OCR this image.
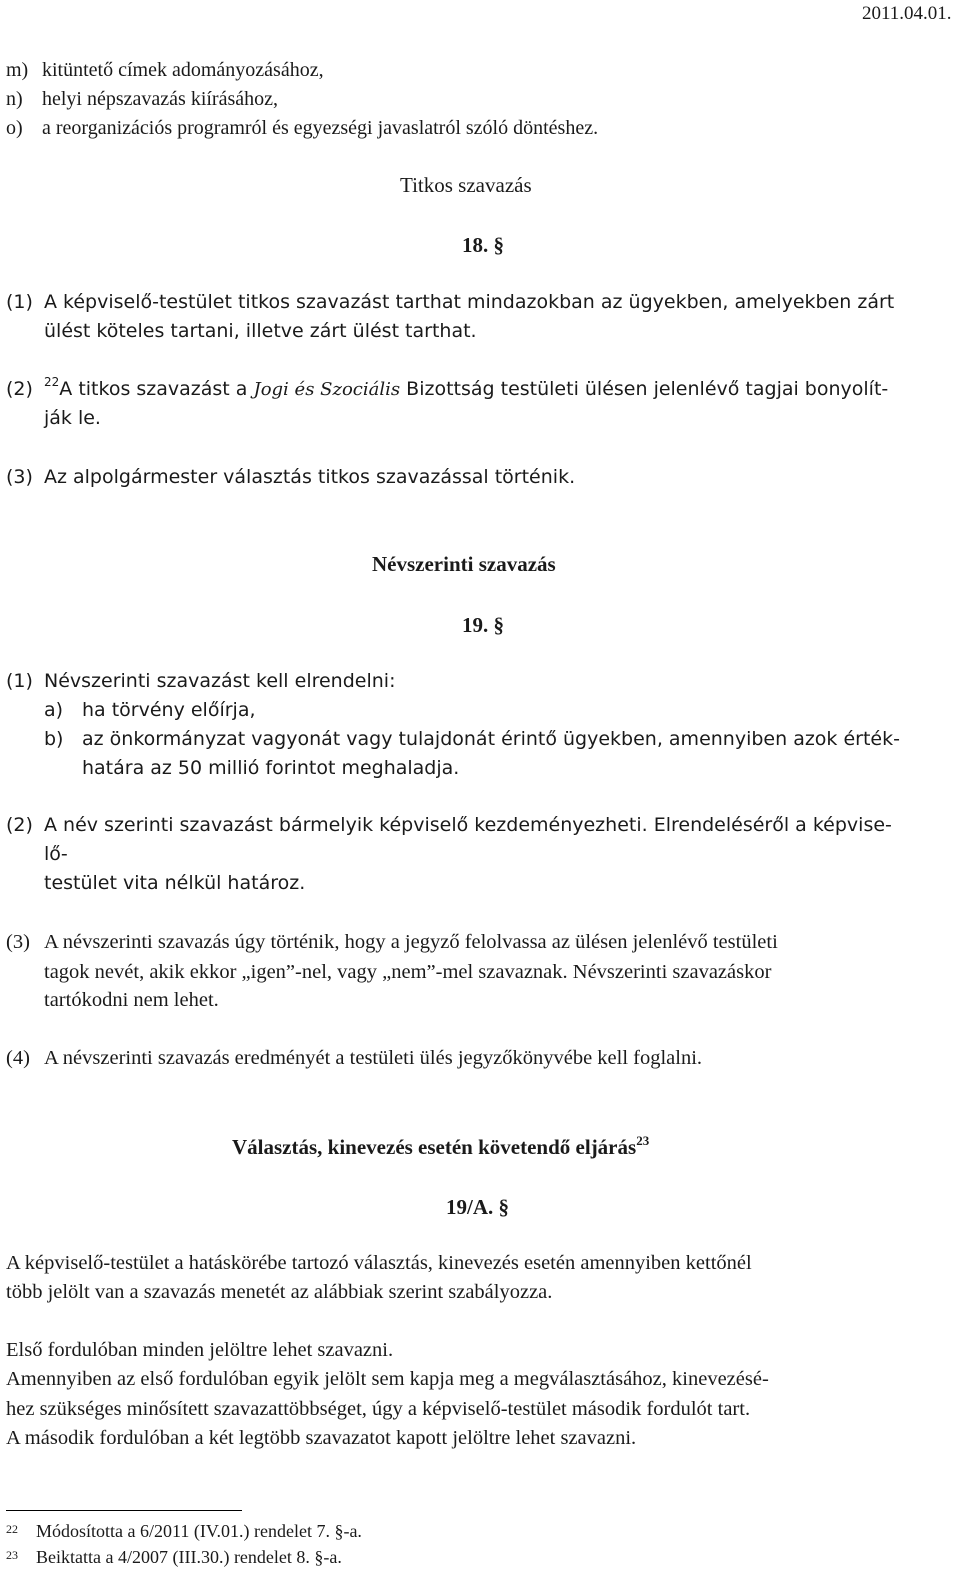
2011.04.01.
m) kitüntető címek adományozásához,
n) helyi népszavazás kiírásához,
o) a reorganizációs programról és egyezségi javaslatról szóló döntéshez.
Titkos szavazás
18. §
(1) A képviselő-testület titkos szavazást tarthat mindazokban az ügyekben, amelyekben zárt
ülést köteles tartani, illetve zárt ülést tarthat.
(2) $^{22}$A titkos szavazást a Jogi és Szociális Bizottság testületi ülésen jelenlévő tagjai bonyolít-
ják le.
(3) Az alpolgármester választás titkos szavazással történik.
Névszerinti szavazás
19. §
(1) Névszerinti szavazást kell elrendelni:
a) ha törvény előírja,
b) az önkormányzat vagyonát vagy tulajdonát érintő ügyekben, amennyiben azok érték-
határa az 50 millió forintot meghaladja.
(2) A név szerinti szavazást bármelyik képviselő kezdeményezheti. Elrendeléséről a képvise-
lő-
testület vita nélkül határoz.
(3) A névszerinti szavazás úgy történik, hogy a jegyző felolvassa az ülésen jelenlévő testületi
tagok nevét, akik ekkor „igen”-nel, vagy „nem”-mel szavaznak. Névszerinti szavazáskor
tartókodni nem lehet.
(4) A névszerinti szavazás eredményét a testületi ülés jegyzőkönyvébe kell foglalni.
Választás, kinevezés esetén követendő eljárás$^{23}$
19/A. §
A képviselő-testület a hatáskörébe tartozó választás, kinevezés esetén amennyiben kettőnél
több jelölt van a szavazás menetét az alábbiak szerint szabályozza.
Első fordulóban minden jelöltre lehet szavazni.
Amennyiben az első fordulóban egyik jelölt sem kapja meg a megválasztásához, kinevezésé-
hez szükséges minősített szavazattöbbséget, úgy a képviselő-testület második fordulót tart.
A második fordulóban a két legtöbb szavazatot kapott jelöltre lehet szavazni.
22 Módosította a 6/2011 (IV.01.) rendelet 7. §-a.
23 Beiktatta a 4/2007 (III.30.) rendelet 8. §-a.
